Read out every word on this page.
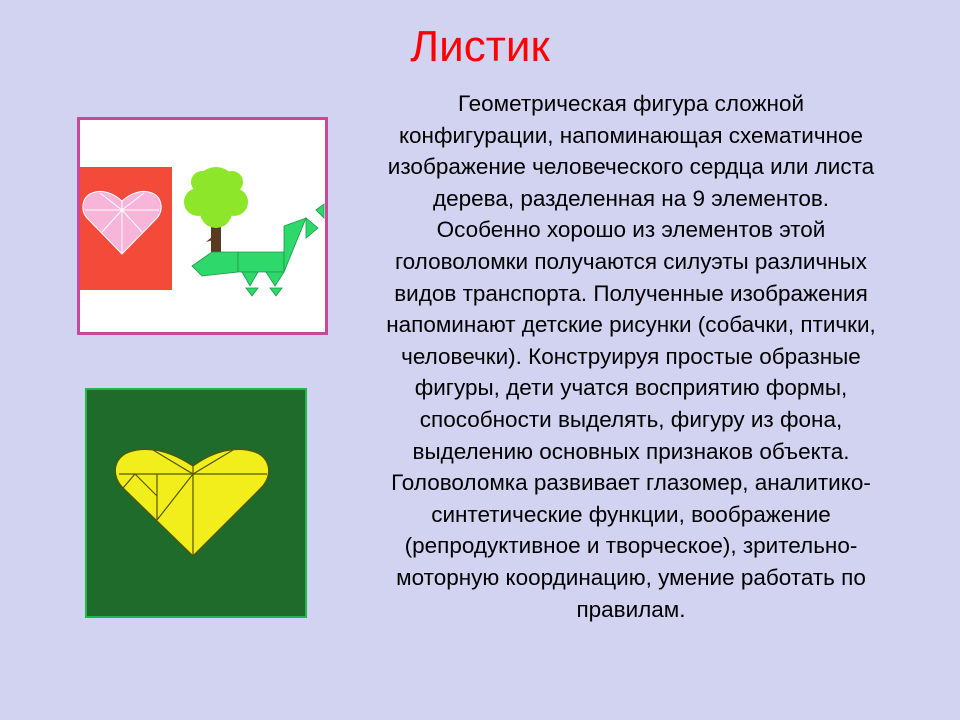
Листик
Геометрическая фигура сложной
конфигурации, напоминающая схематичное
изображение человеческого сердца или листа
дерева, разделенная на 9 элементов.
Особенно хорошо из элементов этой
головоломки получаются силуэты различных
видов транспорта. Полученные изображения
напоминают детские рисунки (собачки, птички,
человечки). Конструируя простые образные
фигуры, дети учатся восприятию формы,
способности выделять, фигуру из фона,
выделению основных признаков объекта.
Головоломка развивает глазомер, аналитико-
синтетические функции, воображение
(репродуктивное и творческое), зрительно-
моторную координацию, умение работать по
правилам.
